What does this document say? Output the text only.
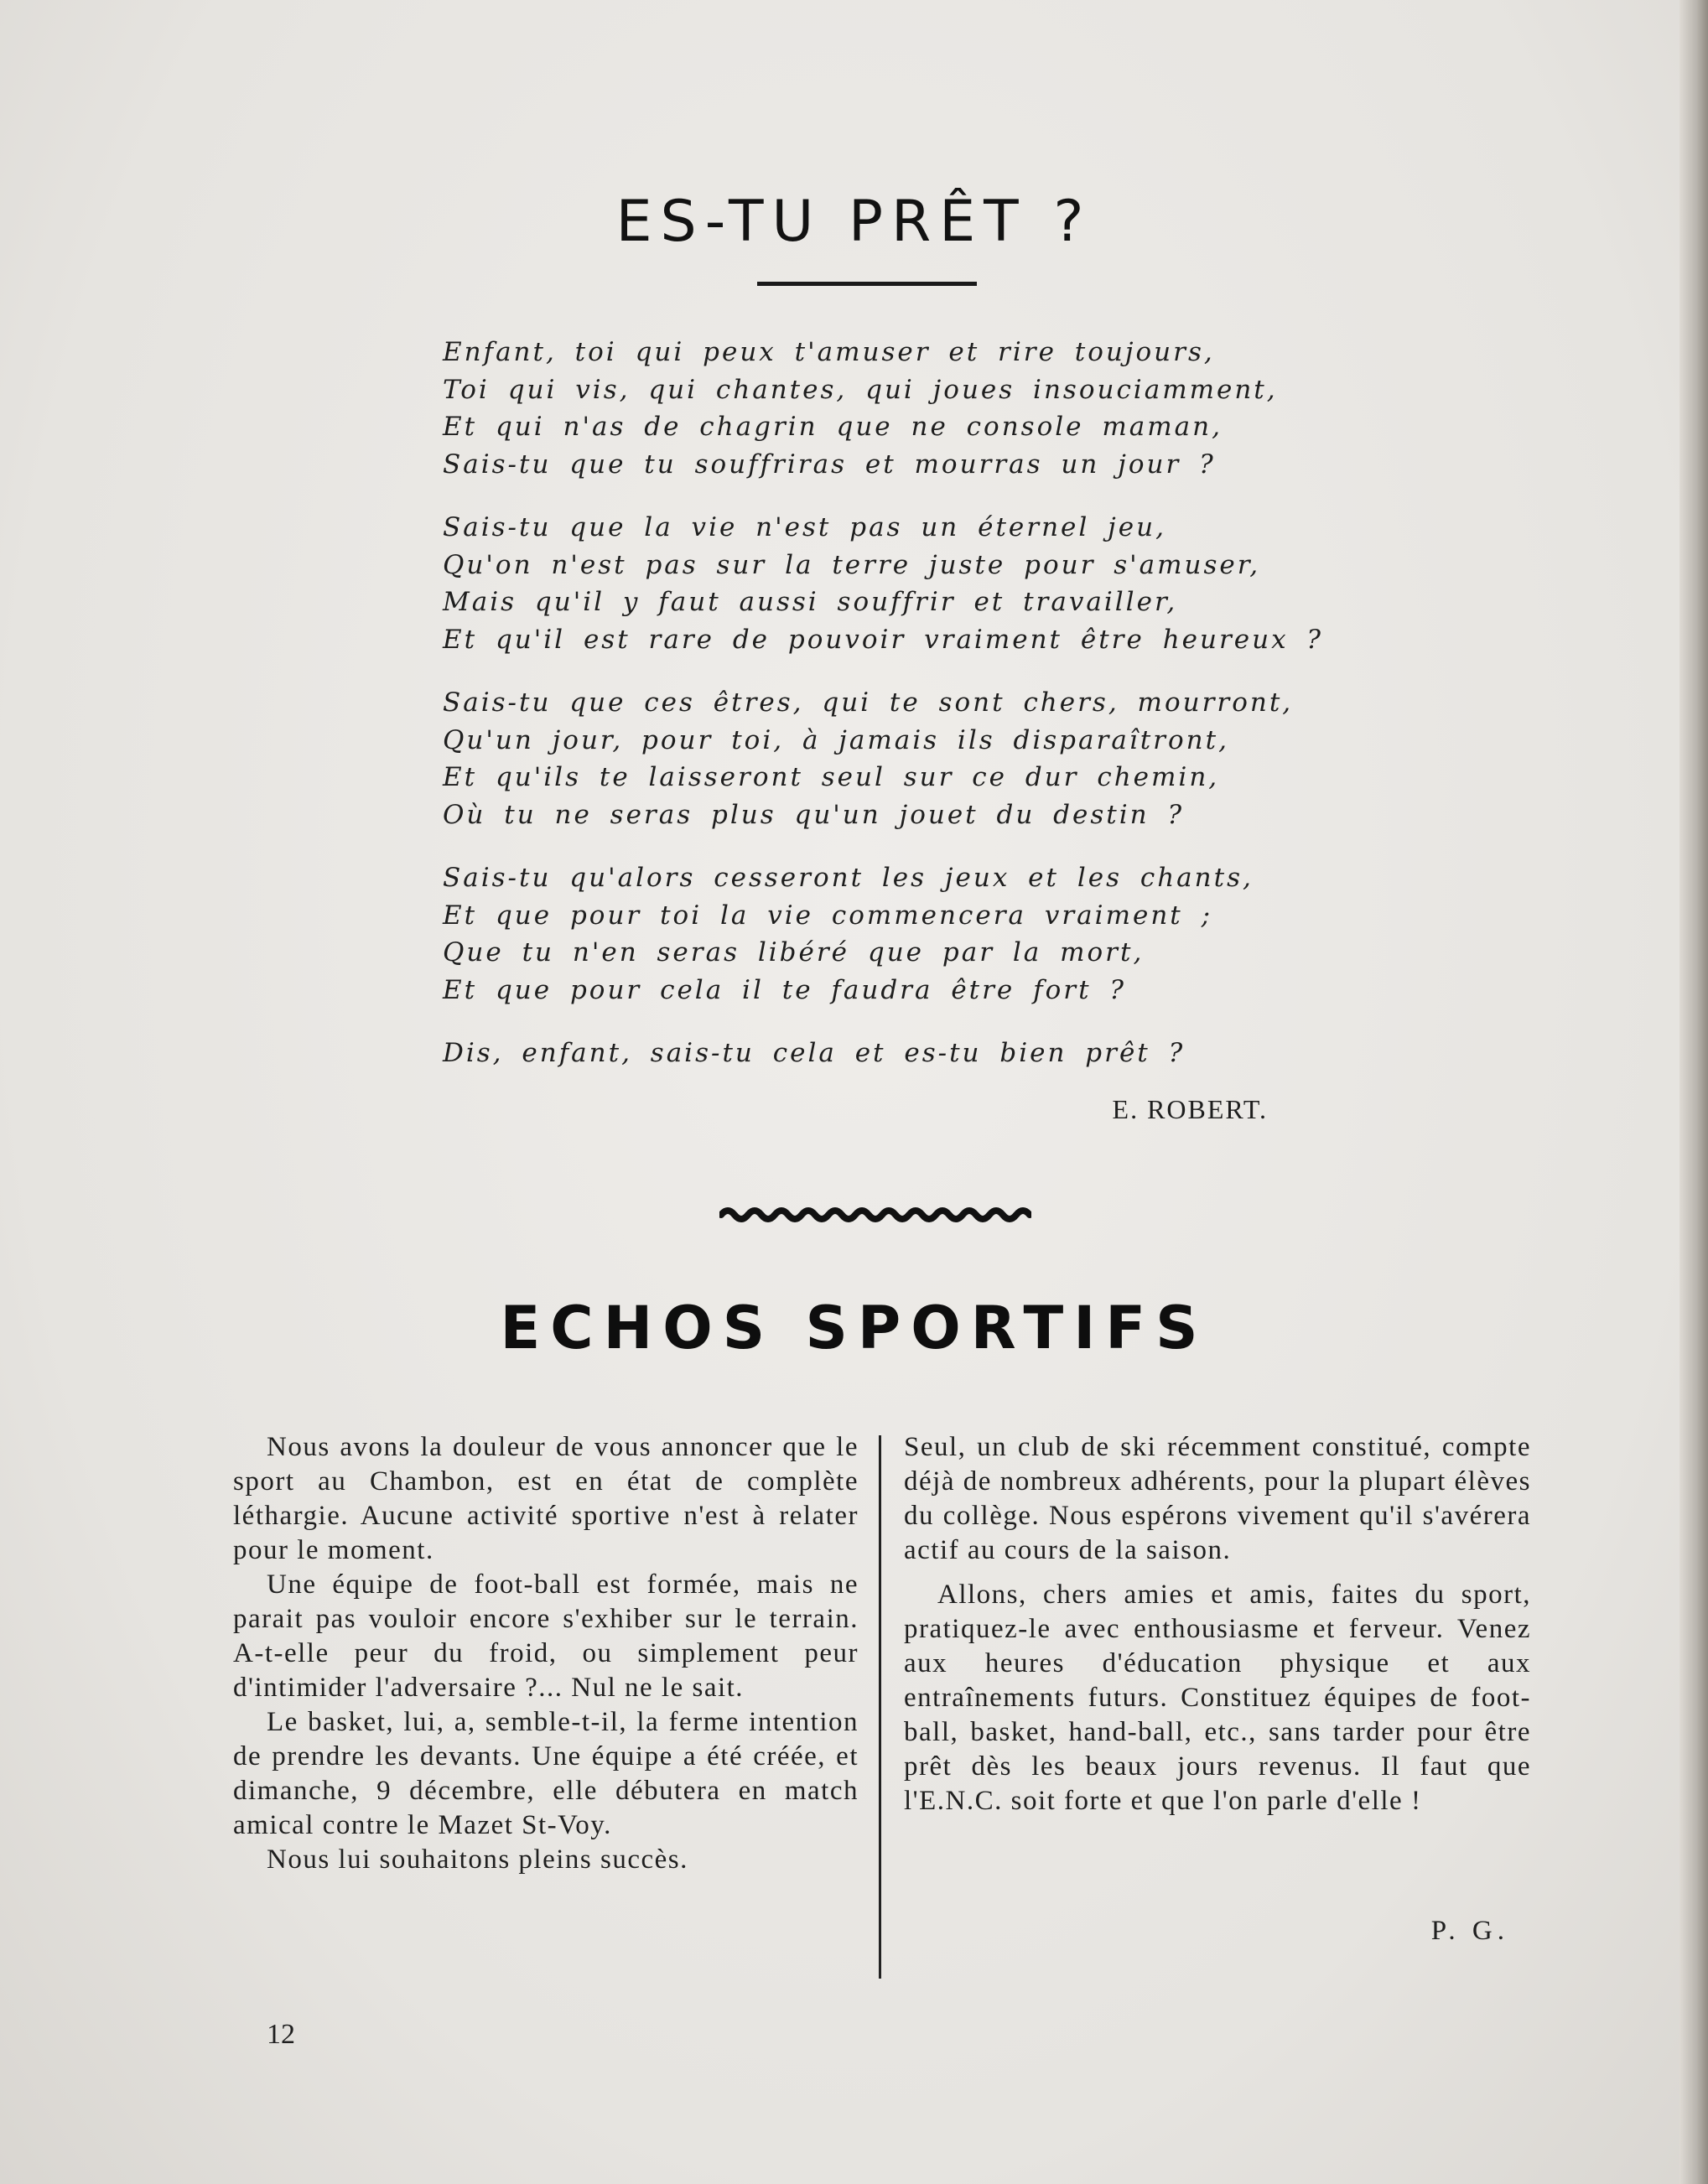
ES-TU PRÊT ?
Enfant, toi qui peux t'amuser et rire toujours,
Toi qui vis, qui chantes, qui joues insouciamment,
Et qui n'as de chagrin que ne console maman,
Sais-tu que tu souffriras et mourras un jour ?
Sais-tu que la vie n'est pas un éternel jeu,
Qu'on n'est pas sur la terre juste pour s'amuser,
Mais qu'il y faut aussi souffrir et travailler,
Et qu'il est rare de pouvoir vraiment être heureux ?
Sais-tu que ces êtres, qui te sont chers, mourront,
Qu'un jour, pour toi, à jamais ils disparaîtront,
Et qu'ils te laisseront seul sur ce dur chemin,
Où tu ne seras plus qu'un jouet du destin ?
Sais-tu qu'alors cesseront les jeux et les chants,
Et que pour toi la vie commencera vraiment ;
Que tu n'en seras libéré que par la mort,
Et que pour cela il te faudra être fort ?
Dis, enfant, sais-tu cela et es-tu bien prêt ?
E. ROBERT.
ECHOS SPORTIFS

Nous avons la douleur de vous annoncer que le sport au Chambon, est en état de complète léthargie. Aucune activité sportive n'est à relater pour le moment.

Une équipe de foot-ball est formée, mais ne parait pas vouloir encore s'exhiber sur le terrain. A-t-elle peur du froid, ou simplement peur d'intimider l'adversaire ?... Nul ne le sait.

Le basket, lui, a, semble-t-il, la ferme intention de prendre les devants. Une équipe a été créée, et dimanche, 9 décembre, elle débutera en match amical contre le Mazet St-Voy.

Nous lui souhaitons pleins succès.

Seul, un club de ski récemment constitué, compte déjà de nombreux adhérents, pour la plupart élèves du collège. Nous espérons vivement qu'il s'avérera actif au cours de la saison.

Allons, chers amies et amis, faites du sport, pratiquez-le avec enthousiasme et ferveur. Venez aux heures d'éducation physique et aux entraînements futurs. Constituez équipes de foot-ball, basket, hand-ball, etc., sans tarder pour être prêt dès les beaux jours revenus. Il faut que l'E.N.C. soit forte et que l'on parle d'elle !

P. G.
12
